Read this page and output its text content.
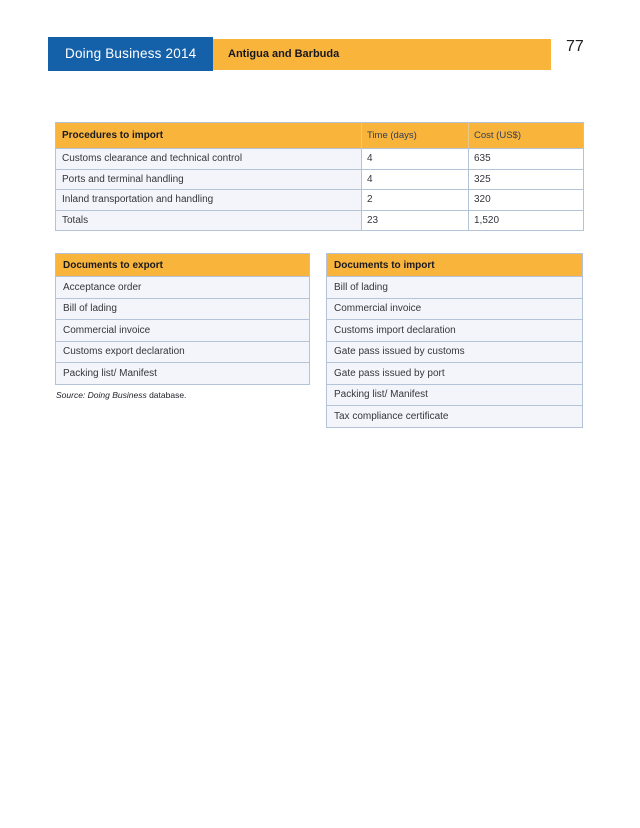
Doing Business 2014	Antigua and Barbuda	77
Procedures to import	Time (days)	Cost (US$)
Customs clearance and technical control	4	635
Ports and terminal handling	4	325
Inland transportation and handling	2	320
Totals	23	1,520
Documents to export
Acceptance order
Bill of lading
Commercial invoice
Customs export declaration
Packing list/ Manifest
Documents to import
Bill of lading
Commercial invoice
Customs import declaration
Gate pass issued by customs
Gate pass issued by port
Packing list/ Manifest
Tax compliance certificate
Source: Doing Business database.
